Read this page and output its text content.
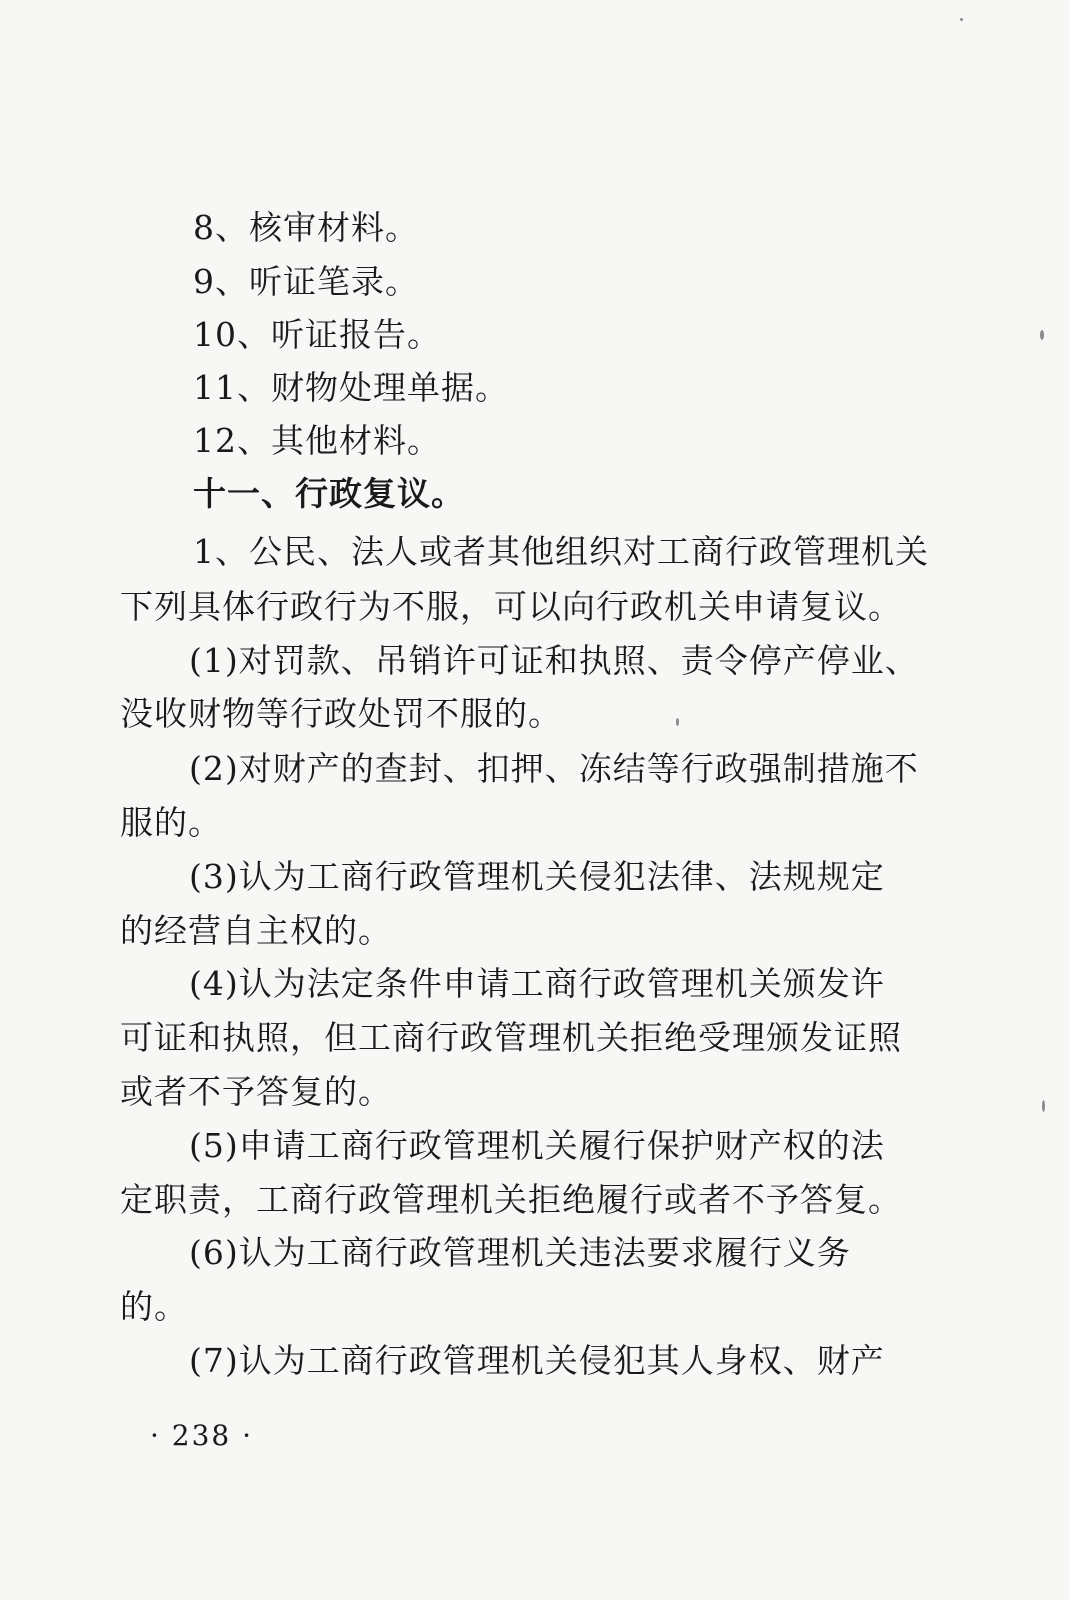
8、核审材料。
9、听证笔录。
10、听证报告。
11、财物处理单据。
12、其他材料。
十一、行政复议。
1、公民、法人或者其他组织对工商行政管理机关
下列具体行政行为不服，可以向行政机关申请复议。
(1)对罚款、吊销许可证和执照、责令停产停业、
没收财物等行政处罚不服的。
(2)对财产的查封、扣押、冻结等行政强制措施不
服的。
(3)认为工商行政管理机关侵犯法律、法规规定
的经营自主权的。
(4)认为法定条件申请工商行政管理机关颁发许
可证和执照，但工商行政管理机关拒绝受理颁发证照
或者不予答复的。
(5)申请工商行政管理机关履行保护财产权的法
定职责，工商行政管理机关拒绝履行或者不予答复。
(6)认为工商行政管理机关违法要求履行义务
的。
(7)认为工商行政管理机关侵犯其人身权、财产
· 238 ·
